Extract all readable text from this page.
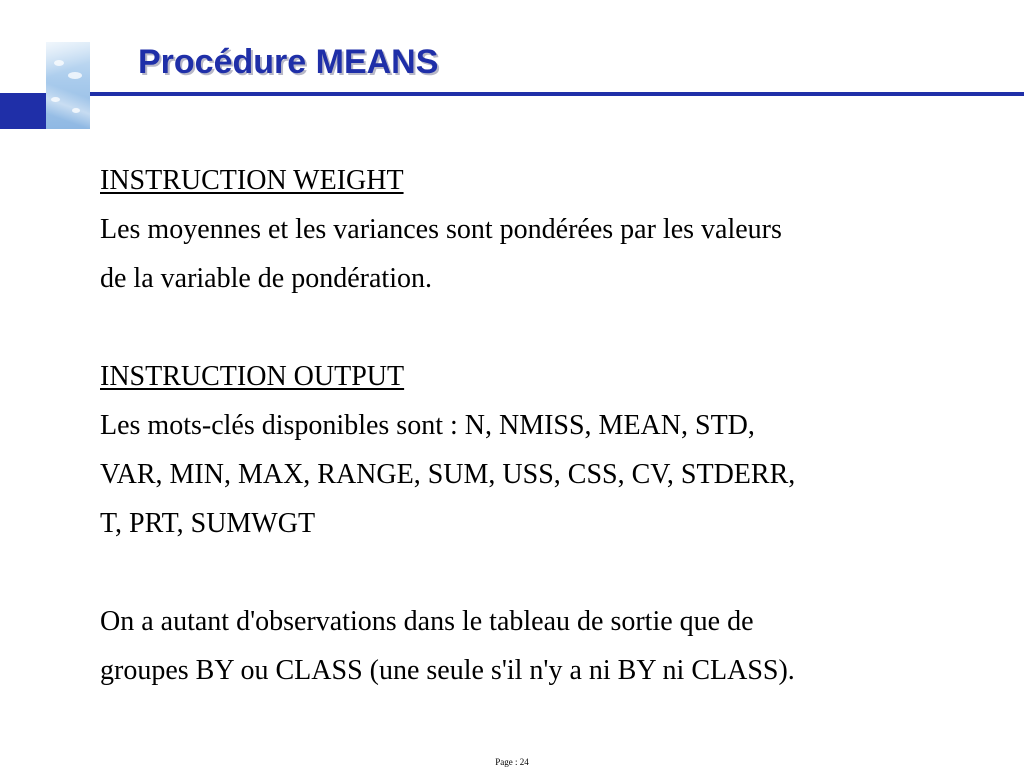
Procédure MEANS

INSTRUCTION WEIGHT

Les moyennes et les variances sont pondérées par les valeurs

de la variable de pondération.

INSTRUCTION OUTPUT

Les mots-clés disponibles sont : N, NMISS, MEAN, STD,

VAR, MIN, MAX, RANGE, SUM, USS, CSS, CV, STDERR,

T, PRT, SUMWGT

On a autant d'observations dans le tableau de sortie que de

groupes BY ou CLASS (une seule s'il n'y a ni BY ni CLASS).

Page : 24
